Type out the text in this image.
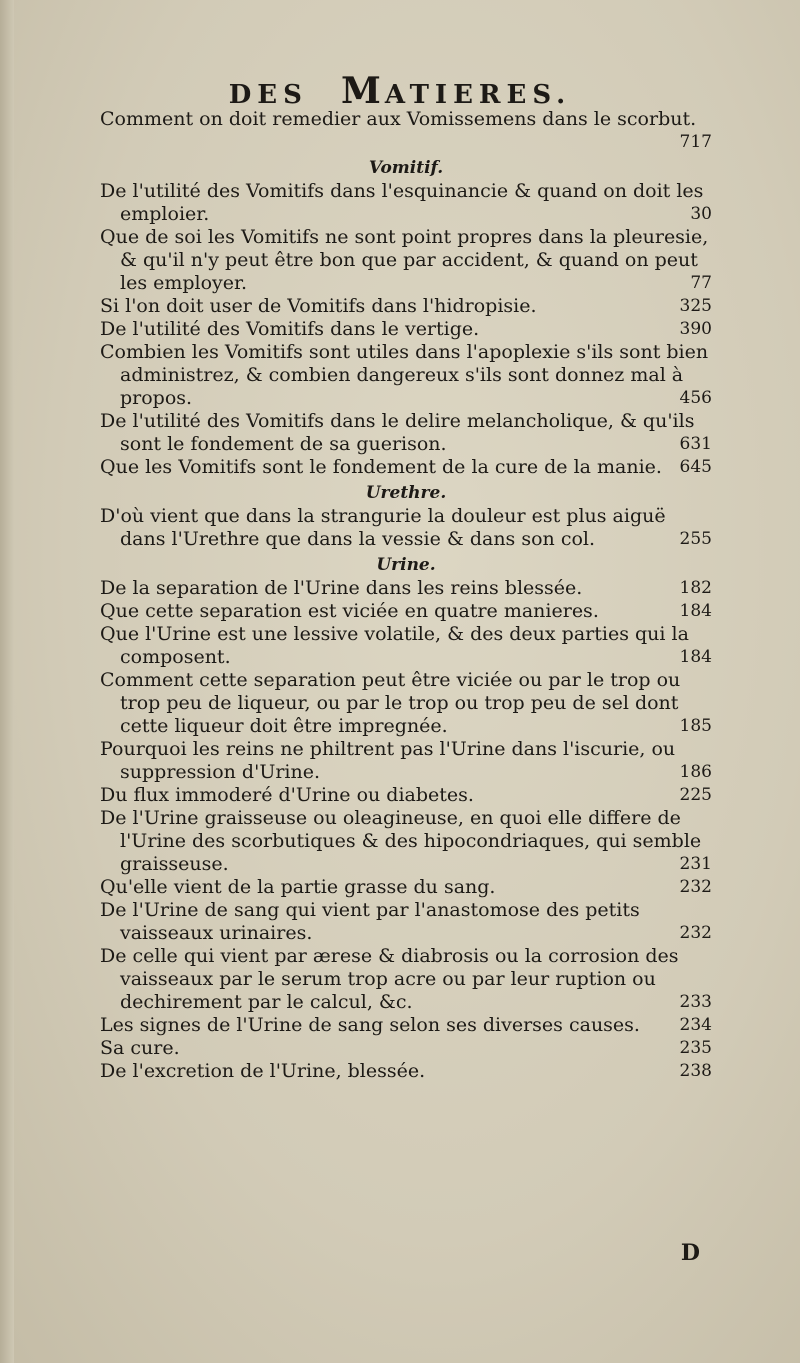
DES MATIERES.

Comment on doit remedier aux Vomissemens dans le scorbut.
717

Vomitif.

De l'utilité des Vomitifs dans l'esquinancie & quand on doit les emploier.	30

Que de soi les Vomitifs ne sont point propres dans la pleuresie, & qu'il n'y peut être bon que par accident, & quand on peut les employer.	77

Si l'on doit user de Vomitifs dans l'hidropisie.	325

De l'utilité des Vomitifs dans le vertige.	390

Combien les Vomitifs sont utiles dans l'apoplexie s'ils sont bien administrez, & combien dangereux s'ils sont donnez mal à propos.	456

De l'utilité des Vomitifs dans le delire melancholique, & qu'ils sont le fondement de sa guerison.	631

Que les Vomitifs sont le fondement de la cure de la manie. 645

Urethre.

D'où vient que dans la strangurie la douleur est plus aiguë dans l'Urethre que dans la vessie & dans son col.	255

Urine.

De la separation de l'Urine dans les reins blessée.	182

Que cette separation est viciée en quatre manieres.	184

Que l'Urine est une lessive volatile, & des deux parties qui la composent.	184

Comment cette separation peut être viciée ou par le trop ou trop peu de liqueur, ou par le trop ou trop peu de sel dont cette liqueur doit être impregnée.	185

Pourquoi les reins ne philtrent pas l'Urine dans l'iscurie, ou suppression d'Urine.	186

Du flux immoderé d'Urine ou diabetes.	225

De l'Urine graisseuse ou oleagineuse, en quoi elle differe de l'Urine des scorbutiques & des hipocondriaques, qui semble graisseuse.	231

Qu'elle vient de la partie grasse du sang.	232

De l'Urine de sang qui vient par l'anastomose des petits vaisseaux urinaires.	232

De celle qui vient par ærese & diabrosis ou la corrosion des vaisseaux par le serum trop acre ou par leur ruption ou dechirement par le calcul, &c.	233

Les signes de l'Urine de sang selon ses diverses causes. 234

Sa cure.	235

De l'excretion de l'Urine, blessée.	238

D
